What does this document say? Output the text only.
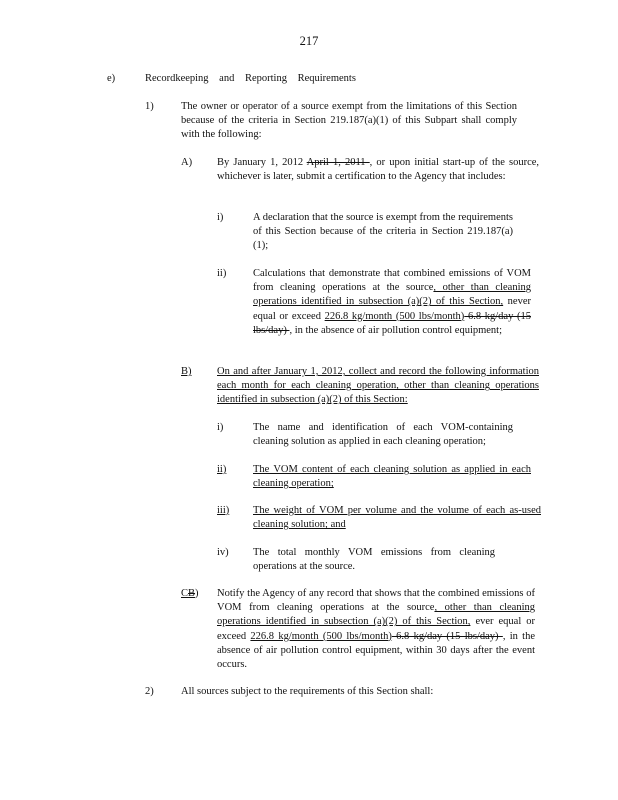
217
e)	Recordkeeping and Reporting Requirements
1)	The owner or operator of a source exempt from the limitations of this Section because of the criteria in Section 219.187(a)(1) of this Subpart shall comply with the following:
A) By January 1, 2012 April 1, 2011 , or upon initial start-up of the source, whichever is later, submit a certification to the Agency that includes:
i)	A declaration that the source is exempt from the requirements of this Section because of the criteria in Section 219.187(a)(1);
ii)	Calculations that demonstrate that combined emissions of VOM from cleaning operations at the source, other than cleaning operations identified in subsection (a)(2) of this Section, never equal or exceed 226.8 kg/month (500 lbs/month) 6.8 kg/day (15 lbs/day) , in the absence of air pollution control equipment;
B) On and after January 1, 2012, collect and record the following information each month for each cleaning operation, other than cleaning operations identified in subsection (a)(2) of this Section:
i)	The name and identification of each VOM-containing cleaning solution as applied in each cleaning operation;
ii)	The VOM content of each cleaning solution as applied in each cleaning operation;
iii) The weight of VOM per volume and the volume of each as-used cleaning solution; and
iv) The total monthly VOM emissions from cleaning operations at the source.
CB) Notify the Agency of any record that shows that the combined emissions of VOM from cleaning operations at the source, other than cleaning operations identified in subsection (a)(2) of this Section, ever equal or exceed 226.8 kg/month (500 lbs/month) 6.8 kg/day (15 lbs/day) , in the absence of air pollution control equipment, within 30 days after the event occurs.
2)	All sources subject to the requirements of this Section shall:
